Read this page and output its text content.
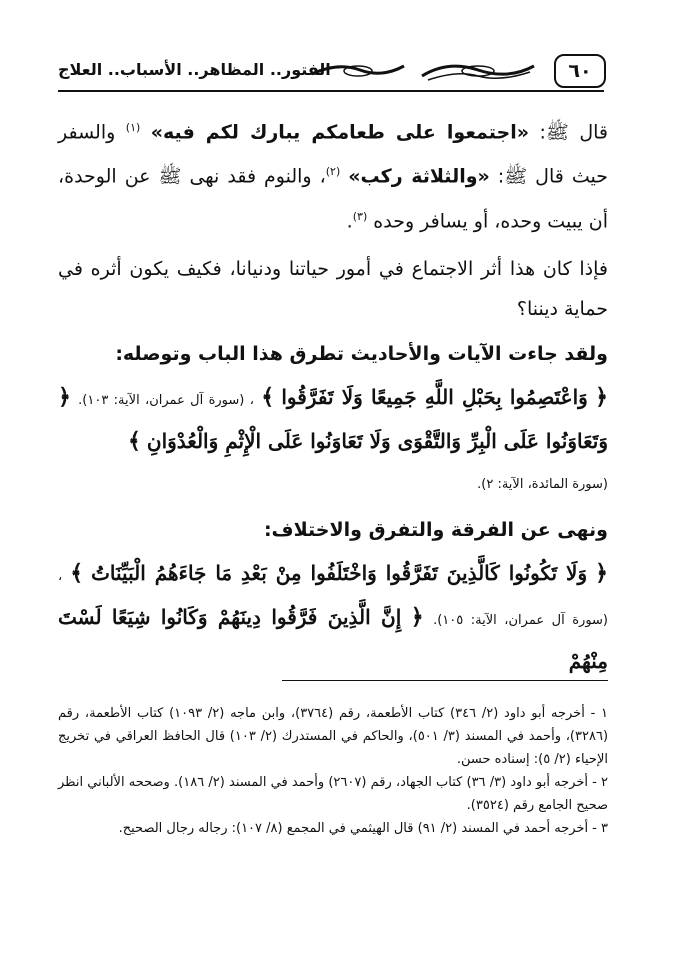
٦٠
الفتور.. المظاهر.. الأسباب.. العلاج

قال ﷺ: «اجتمعوا على طعامكم يبارك لكم فيه» $^{(١)}$ والسفر حيث قال ﷺ: «والثلاثة ركب» $^{(٢)}$، والنوم فقد نهى ﷺ عن الوحدة، أن يبيت وحده، أو يسافر وحده $^{(٣)}$.

فإذا كان هذا أثر الاجتماع في أمور حياتنا ودنيانا، فكيف يكون أثره في حماية ديننا؟

ولقد جاءت الآيات والأحاديث تطرق هذا الباب وتوصله:

﴿ وَاعْتَصِمُوا بِحَبْلِ اللَّهِ جَمِيعًا وَلَا تَفَرَّقُوا ﴾ ، (سورة آل عمران، الآية: ١٠٣). ﴿ وَتَعَاوَنُوا عَلَى الْبِرِّ وَالتَّقْوَى وَلَا تَعَاوَنُوا عَلَى الْإِثْمِ وَالْعُدْوَانِ ﴾

(سورة المائدة، الآية: ٢).

ونهى عن الفرقة والتفرق والاختلاف:

﴿ وَلَا تَكُونُوا كَالَّذِينَ تَفَرَّقُوا وَاخْتَلَفُوا مِنْ بَعْدِ مَا جَاءَهُمُ الْبَيِّنَاتُ ﴾ ، (سورة آل عمران، الآية: ١٠٥). ﴿ إِنَّ الَّذِينَ فَرَّقُوا دِينَهُمْ وَكَانُوا شِيَعًا لَسْتَ مِنْهُمْ

١ - أخرجه أبو داود (٢/ ٣٤٦) كتاب الأطعمة، رقم (٣٧٦٤)، وابن ماجه (٢/ ١٠٩٣) كتاب الأطعمة، رقم (٣٢٨٦)، وأحمد في المسند (٣/ ٥٠١)، والحاكم في المستدرك (٢/ ١٠٣) قال الحافظ العراقي في تخريج الإحياء (٢/ ٥): إسناده حسن.

٢ - أخرجه أبو داود (٣/ ٣٦) كتاب الجهاد، رقم (٢٦٠٧) وأحمد في المسند (٢/ ١٨٦). وصححه الألباني انظر صحيح الجامع رقم (٣٥٢٤).

٣ - أخرجه أحمد في المسند (٢/ ٩١) قال الهيثمي في المجمع (٨/ ١٠٧): رجاله رجال الصحيح.
